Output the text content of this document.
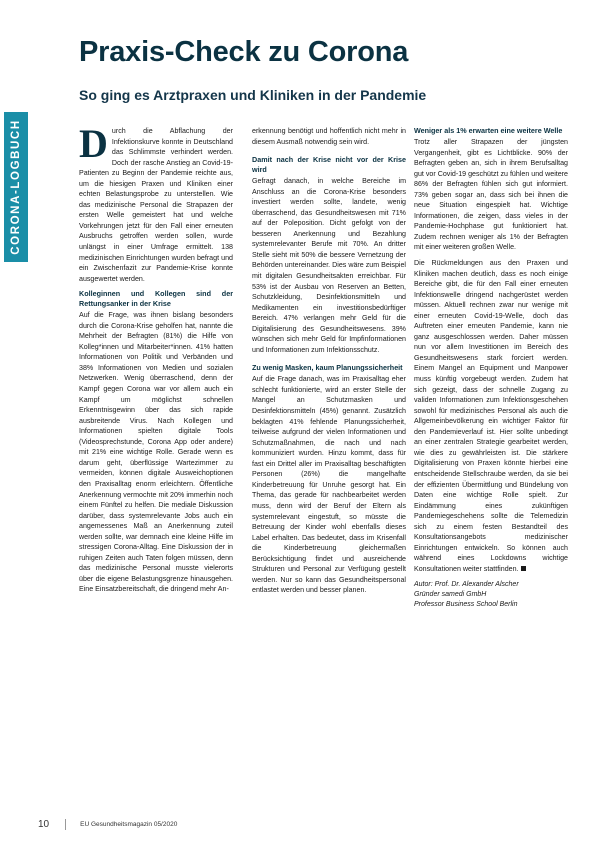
CORONA-LOGBUCH
Praxis-Check zu Corona
So ging es Arztpraxen und Kliniken in der Pandemie

Durch die Abflachung der Infektionskurve konnte in Deutschland das Schlimmste verhindert werden. Doch der rasche Anstieg an Covid-19-Patienten zu Beginn der Pandemie reichte aus, um die hiesigen Praxen und Kliniken einer echten Belastungsprobe zu unterstellen. Wie das medizinische Personal die Strapazen der ersten Welle gemeistert hat und welche Vorkehrungen jetzt für den Fall einer erneuten Ausbruchs getroffen werden sollen, wurde unlängst in einer Umfrage ermittelt. 138 medizinischen Einrichtungen wurden befragt und ein Zwischenfazit zur Pandemie-Krise konnte ausgewertet werden.

Kolleginnen und Kollegen sind der Rettungsanker in der Krise

Auf die Frage, was ihnen bislang besonders durch die Corona-Krise geholfen hat, nannte die Mehrheit der Befragten (81%) die Hilfe von Kolleg*innen und Mitarbeiter*innen. 41% hatten Informationen von Politik und Verbänden und 38% Informationen von Medien und sozialen Netzwerken. Wenig überraschend, denn der Kampf gegen Corona war vor allem auch ein Kampf um möglichst schnellen Erkenntnisgewinn über das sich rapide ausbreitende Virus. Nach Kollegen und Informationen spielten digitale Tools (Videosprechstunde, Corona App oder andere) mit 21% eine wichtige Rolle. Gerade wenn es darum geht, überflüssige Wartezimmer zu vermeiden, können digitale Ausweichoptionen den Praxisalltag enorm erleichtern. Öffentliche Anerkennung vermochte mit 20% immerhin noch einem Fünftel zu helfen. Die mediale Diskussion darüber, dass systemrelevante Jobs auch ein angemessenes Maß an Anerkennung zuteil werden sollte, war demnach eine kleine Hilfe im stressigen Corona-Alltag. Eine Diskussion der in ruhigen Zeiten auch Taten folgen müssen, denn das medizinische Personal musste vielerorts über die eigene Belastungsgrenze hinausgehen. Eine Einsatzbereitschaft, die dringend mehr An-

erkennung benötigt und hoffentlich nicht mehr in diesem Ausmaß notwendig sein wird.

Damit nach der Krise nicht vor der Krise wird

Gefragt danach, in welche Bereiche im Anschluss an die Corona-Krise besonders investiert werden sollte, landete, wenig überraschend, das Gesundheitswesen mit 71% auf der Poleposition. Dicht gefolgt von der besseren Anerkennung und Bezahlung systemrelevanter Berufe mit 70%. An dritter Stelle sieht mit 50% die bessere Vernetzung der Behörden untereinander. Dies wäre zum Beispiel mit digitalen Gesundheitsakten erreichbar. Für 53% ist der Ausbau von Reserven an Betten, Schutzkleidung, Desinfektionsmitteln und Medikamenten ein investitionsbedürftiger Bereich. 47% verlangen mehr Geld für die Digitalisierung des Gesundheitswesens. 39% wünschen sich mehr Geld für Impfinformationen und Informationen zum Infektionsschutz.

Zu wenig Masken, kaum Planungssicherheit

Auf die Frage danach, was im Praxisalltag eher schlecht funktionierte, wird an erster Stelle der Mangel an Schutzmasken und Desinfektionsmitteln (45%) genannt. Zusätzlich beklagten 41% fehlende Planungssicherheit, teilweise aufgrund der vielen Informationen und Schutzmaßnahmen, die nach und nach kommuniziert wurden. Hinzu kommt, dass für fast ein Drittel aller im Praxisalltag beschäftigten Personen (26%) die mangelhafte Kinderbetreuung für Unruhe gesorgt hat. Ein Thema, das gerade für nachbearbeitet werden muss, denn wird der Beruf der Eltern als systemrelevant eingestuft, so müsste die Betreuung der Kinder wohl ebenfalls dieses Label erhalten. Das bedeutet, dass im Krisenfall die Kinderbetreuung gleichermaßen Berücksichtigung findet und ausreichende Strukturen und Personal zur Verfügung gestellt werden. Nur so kann das Gesundheitspersonal entlastet werden und besser planen.

Weniger als 1% erwarten eine weitere Welle

Trotz aller Strapazen der jüngsten Vergangenheit, gibt es Lichtblicke. 90% der Befragten geben an, sich in ihrem Berufsalltag gut vor Covid-19 geschützt zu fühlen und weitere 86% der Befragten fühlen sich gut informiert. 73% geben sogar an, dass sich bei ihnen die neue Situation eingespielt hat. Wichtige Informationen, die zeigen, dass vieles in der Pandemie-Hochphase gut funktioniert hat. Zudem rechnen weniger als 1% der Befragten mit einer weiteren großen Welle.

Die Rückmeldungen aus den Praxen und Kliniken machen deutlich, dass es noch einige Bereiche gibt, die für den Fall einer erneuten Infektionswelle dringend nachgerüstet werden müssen. Aktuell rechnen zwar nur wenige mit einer erneuten Covid-19-Welle, doch das Auftreten einer erneuten Pandemie, kann nie ganz ausgeschlossen werden. Daher müssen nun vor allem Investitionen im Bereich des Gesundheitswesens stark forciert werden. Einem Mangel an Equipment und Manpower muss künftig vorgebeugt werden. Zudem hat sich gezeigt, dass der schnelle Zugang zu validen Informationen zum Infektionsgeschehen sowohl für medizinisches Personal als auch die Allgemeinbevölkerung ein wichtiger Faktor für den Pandemieverlauf ist. Hier sollte unbedingt an einer zentralen Strategie gearbeitet werden, wie dies zu gewährleisten ist. Die stärkere Digitalisierung von Praxen könnte hierbei eine entscheidende Stellschraube werden, da sie bei der effizienten Übermittlung und Bündelung von Daten eine wichtige Rolle spielt. Zur Eindämmung eines zukünftigen Pandemiegeschehens sollte die Telemedizin sich zu einem festen Bestandteil des Konsultationsangebots medizinischer Einrichtungen entwickeln. So können auch während eines Lockdowns wichtige Konsultationen weiter stattfinden.

Autor: Prof. Dr. Alexander Alscher
Gründer samedi GmbH
Professor Business School Berlin
10	EU Gesundheitsmagazin 05/2020
